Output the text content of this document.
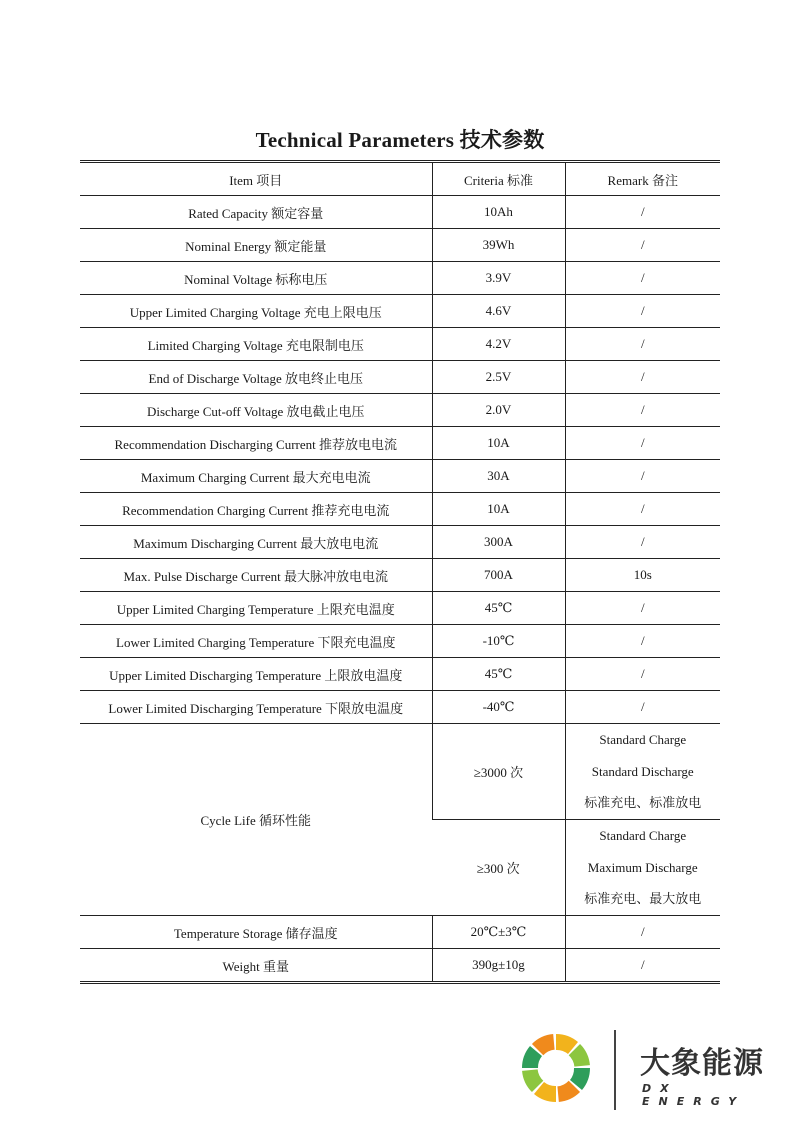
Technical Parameters 技术参数
Item 项目	Criteria 标准	Remark 备注
Rated Capacity 额定容量	10Ah	/
Nominal Energy 额定能量	39Wh	/
Nominal Voltage 标称电压	3.9V	/
Upper Limited Charging Voltage 充电上限电压	4.6V	/
Limited Charging Voltage 充电限制电压	4.2V	/
End of Discharge Voltage 放电终止电压	2.5V	/
Discharge Cut-off Voltage 放电截止电压	2.0V	/
Recommendation Discharging Current 推荐放电电流	10A	/
Maximum Charging Current 最大充电电流	30A	/
Recommendation Charging Current 推荐充电电流	10A	/
Maximum Discharging Current 最大放电电流	300A	/
Max. Pulse Discharge Current 最大脉冲放电电流	700A	10s
Upper Limited Charging Temperature 上限充电温度	45℃	/
Lower Limited Charging Temperature 下限充电温度	-10℃	/
Upper Limited Discharging Temperature 上限放电温度	45℃	/
Lower Limited Discharging Temperature 下限放电温度	-40℃	/
Cycle Life 循环性能	≥3000 次	Standard Charge
Standard Discharge
标准充电、标准放电

	≥300 次	Standard Charge
Maximum Discharge
标准充电、最大放电

Temperature Storage 储存温度	20℃±3℃	/
Weight 重量	390g±10g	/
大象能源
DX ENERGY
